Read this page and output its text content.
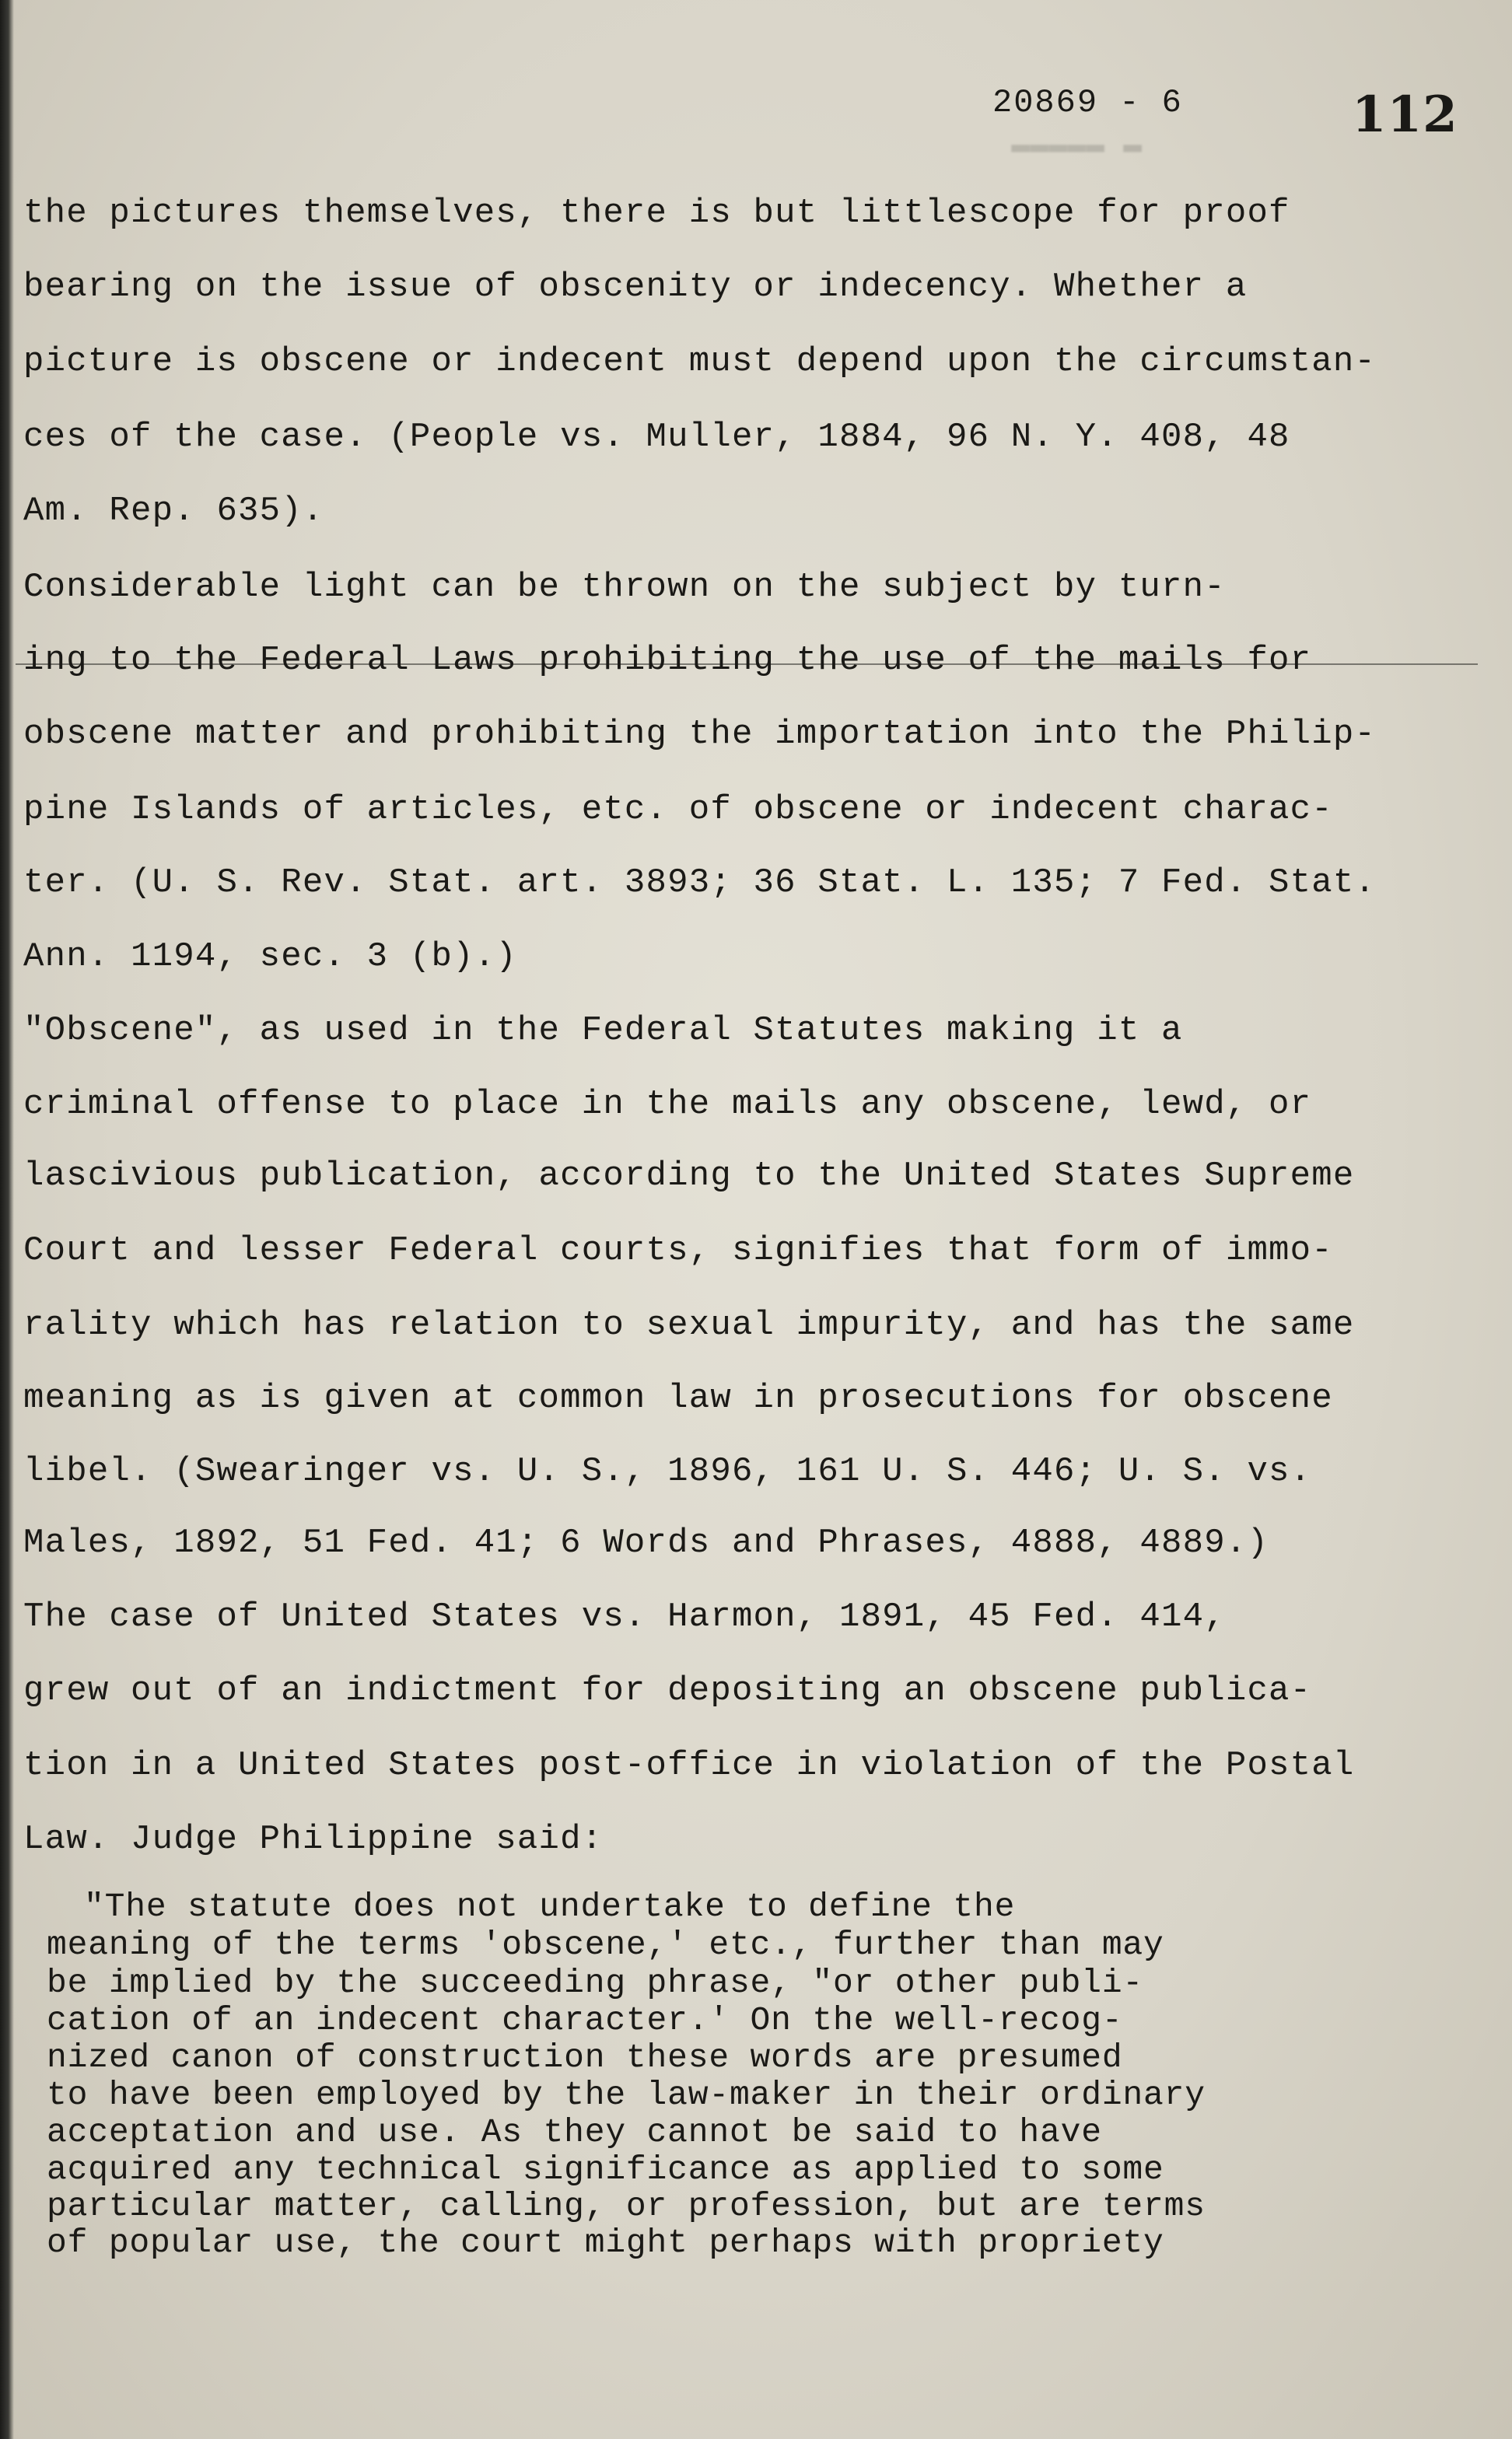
▬▬▬▬▬ ▬
20869 - 6	112
the pictures themselves, there is but littlescope for proof
bearing on the issue of obscenity or indecency. Whether a
picture is obscene or indecent must depend upon the circumstan-
ces of the case. (People vs. Muller, 1884, 96 N. Y. 408, 48
Am. Rep. 635).
Considerable light can be thrown on the subject by turn-
ing to the Federal Laws prohibiting the use of the mails for
obscene matter and prohibiting the importation into the Philip-
pine Islands of articles, etc. of obscene or indecent charac-
ter. (U. S. Rev. Stat. art. 3893; 36 Stat. L. 135; 7 Fed. Stat.
Ann. 1194, sec. 3 (b).)
"Obscene", as used in the Federal Statutes making it a
criminal offense to place in the mails any obscene, lewd, or
lascivious publication, according to the United States Supreme
Court and lesser Federal courts, signifies that form of immo-
rality which has relation to sexual impurity, and has the same
meaning as is given at common law in prosecutions for obscene
libel. (Swearinger vs. U. S., 1896, 161 U. S. 446; U. S. vs.
Males, 1892, 51 Fed. 41; 6 Words and Phrases, 4888, 4889.)
The case of United States vs. Harmon, 1891, 45 Fed. 414,
grew out of an indictment for depositing an obscene publica-
tion in a United States post-office in violation of the Postal
Law. Judge Philippine said:
"The statute does not undertake to define the
meaning of the terms 'obscene,' etc., further than may
be implied by the succeeding phrase, "or other publi-
cation of an indecent character.' On the well-recog-
nized canon of construction these words are presumed
to have been employed by the law-maker in their ordinary
acceptation and use. As they cannot be said to have
acquired any technical significance as applied to some
particular matter, calling, or profession, but are terms
of popular use, the court might perhaps with propriety
